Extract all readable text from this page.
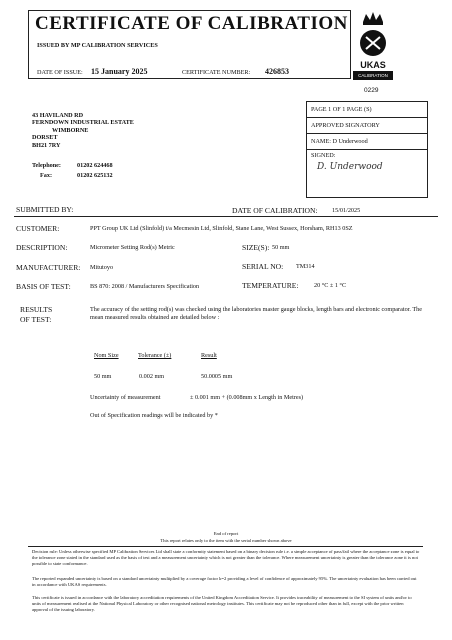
CERTIFICATE OF CALIBRATION
ISSUED BY MP CALIBRATION SERVICES
DATE OF ISSUE: 15 January 2025	CERTIFICATE NUMBER: 426853
UKAS
CALIBRATION
0229
43 HAVILAND RD
FERNDOWN INDUSTRIAL ESTATE
WIMBORNE
DORSET
BH21 7RY
Telephone:	01202 624468
Fax:	01202 625132
PAGE 1 OF 1 PAGE (S)
APPROVED SIGNATORY
NAME: D Underwood
SIGNED:
D. Underwood
SUBMITTED BY:	DATE OF CALIBRATION: 15/01/2025
CUSTOMER:	PPT Group UK Ltd (Slinfold) t/a Mecmesin Ltd, Slinfold, Stane Lane, West Sussex, Horsham, RH13 0SZ
DESCRIPTION:	Micrometer Setting Rod(s) Metric	SIZE(S): 50 mm
MANUFACTURER: Mitutoyo	SERIAL NO: TM314
BASIS OF TEST:	BS 870: 2008 / Manufacturers Specification	TEMPERATURE: 20 °C ± 1 °C
RESULTS
OF TEST:
The accuracy of the setting rod(s) was checked using the laboratories master gauge blocks, length bars and electronic comparator. The mean measured results obtained are detailed below :
Nom Size	Tolerance (±)	Result
50 mm	0.002 mm	50.0005 mm
Uncertainty of measurement	± 0.001 mm + (0.008mm x Length in Metres)
Out of Specification readings will be indicated by *
End of report
This report relates only to the item with the serial number shown above
Decision rule: Unless otherwise specified MP Calibration Services Ltd shall state a conformity statement based on a binary decision rule i.e. a simple acceptance of pass/fail where the acceptance zone is equal to the tolerance zone stated in the standard used as the basis of test and a measurement uncertainty which is not greater than the tolerance. Where measurement uncertainty is greater than the tolerance zone it is not possible to state conformance.
The reported expanded uncertainty is based on a standard uncertainty multiplied by a coverage factor k=2 providing a level of confidence of approximately 95%. The uncertainty evaluation has been carried out in accordance with UKAS requirements.
This certificate is issued in accordance with the laboratory accreditation requirements of the United Kingdom Accreditation Service. It provides traceability of measurement to the SI system of units and/or to units of measurement realised at the National Physical Laboratory or other recognised national metrology institutes. This certificate may not be reproduced other than in full, except with the prior written approval of the issuing laboratory.
